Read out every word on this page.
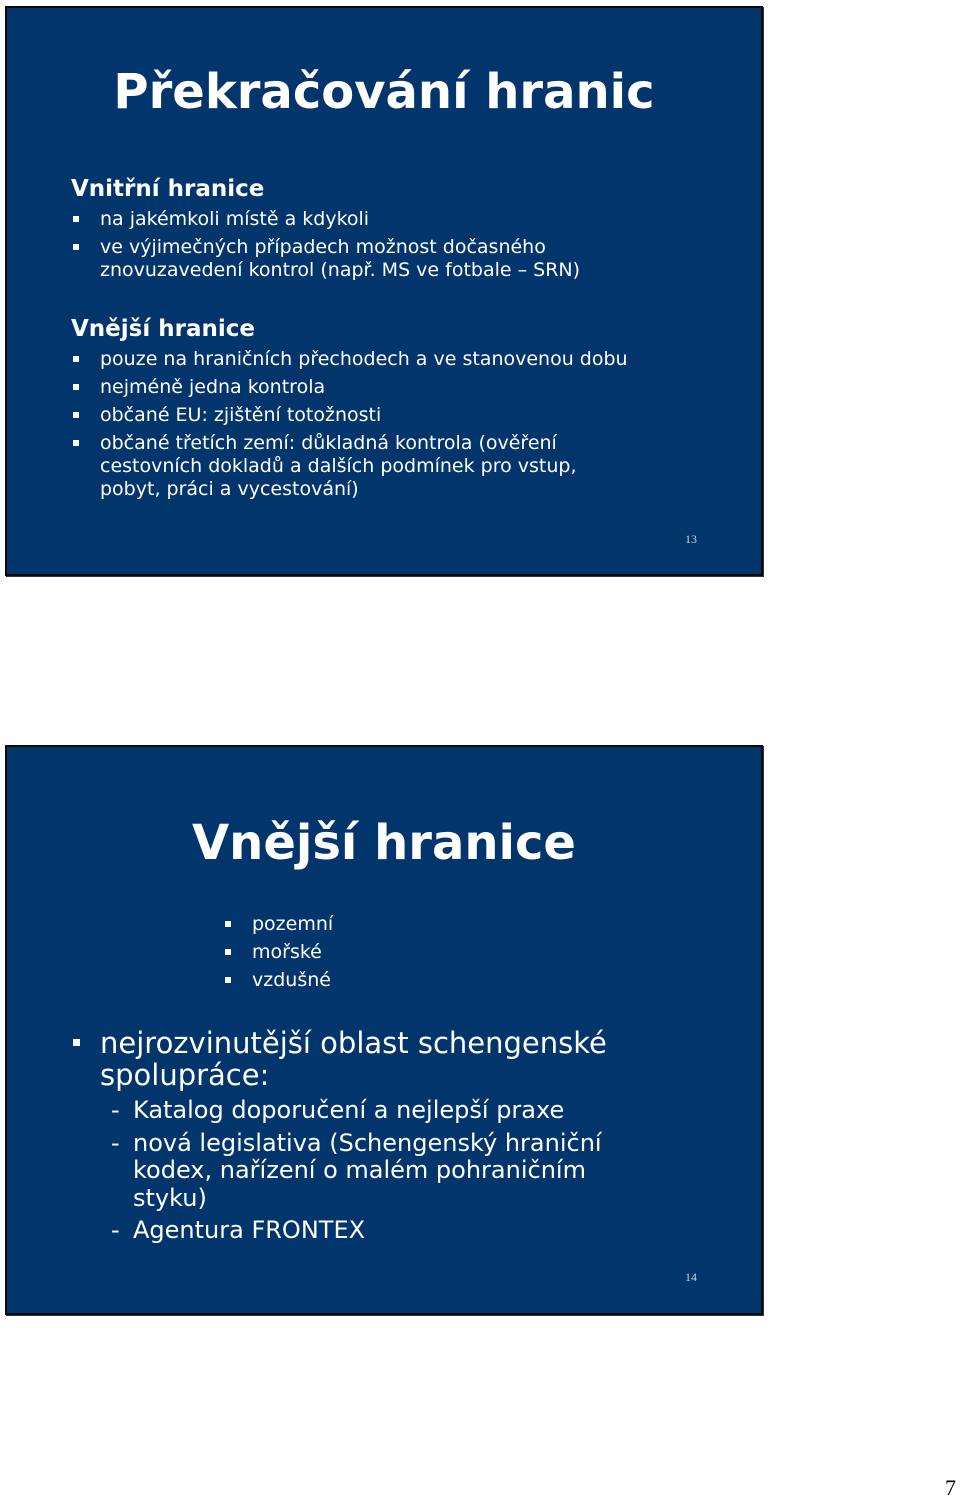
Překračování hranic
Vnitřní hranice
na jakémkoli místě a kdykoli
ve výjimečných případech možnost dočasného znovuzavedení kontrol (např. MS ve fotbale – SRN)
Vnější hranice
pouze na hraničních přechodech a ve stanovenou dobu
nejméně jedna kontrola
občané EU: zjištění totožnosti
občané třetích zemí: důkladná kontrola (ověření cestovních dokladů a dalších podmínek pro vstup, pobyt, práci a vycestování)
13
Vnější hranice
pozemní
mořské
vzdušné
nejrozvinutější oblast schengenské spolupráce:
- Katalog doporučení a nejlepší praxe
- nová legislativa (Schengenský hraniční kodex, nařízení o malém pohraničním styku)
- Agentura FRONTEX
14
7
